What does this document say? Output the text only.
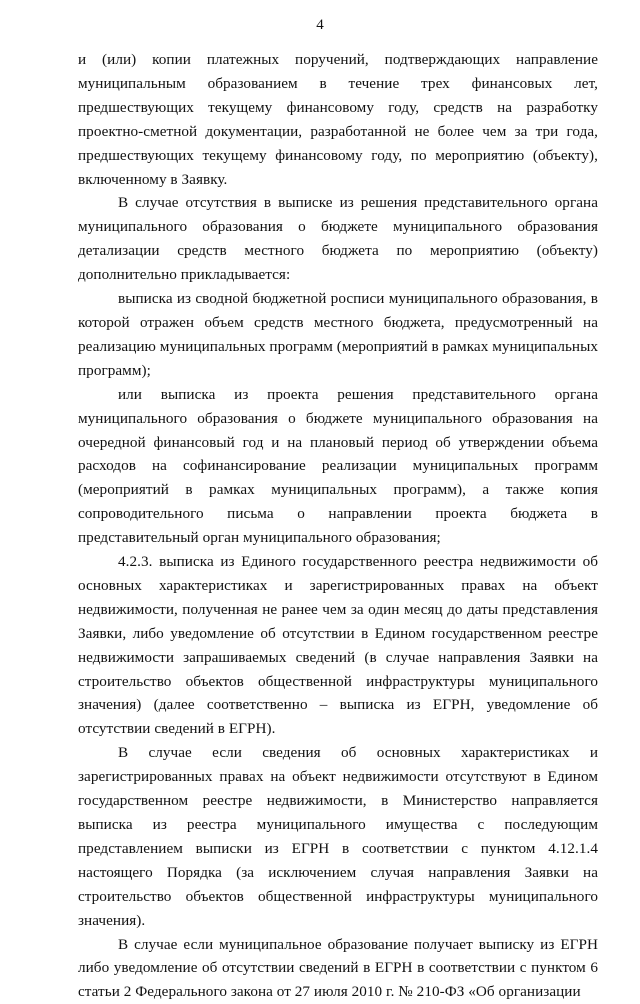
4

и (или) копии платежных поручений, подтверждающих направление муниципальным образованием в течение трех финансовых лет, предшествующих текущему финансовому году, средств на разработку проектно-сметной документации, разработанной не более чем за три года, предшествующих текущему финансовому году, по мероприятию (объекту), включенному в Заявку.

В случае отсутствия в выписке из решения представительного органа муниципального образования о бюджете муниципального образования детализации средств местного бюджета по мероприятию (объекту) дополнительно прикладывается:

выписка из сводной бюджетной росписи муниципального образования, в которой отражен объем средств местного бюджета, предусмотренный на реализацию муниципальных программ (мероприятий в рамках муниципальных программ);

или выписка из проекта решения представительного органа муниципального образования о бюджете муниципального образования на очередной финансовый год и на плановый период об утверждении объема расходов на софинансирование реализации муниципальных программ (мероприятий в рамках муниципальных программ), а также копия сопроводительного письма о направлении проекта бюджета в представительный орган муниципального образования;

4.2.3. выписка из Единого государственного реестра недвижимости об основных характеристиках и зарегистрированных правах на объект недвижимости, полученная не ранее чем за один месяц до даты представления Заявки, либо уведомление об отсутствии в Едином государственном реестре недвижимости запрашиваемых сведений (в случае направления Заявки на строительство объектов общественной инфраструктуры муниципального значения) (далее соответственно – выписка из ЕГРН, уведомление об отсутствии сведений в ЕГРН).

В случае если сведения об основных характеристиках и зарегистрированных правах на объект недвижимости отсутствуют в Едином государственном реестре недвижимости, в Министерство направляется выписка из реестра муниципального имущества с последующим представлением выписки из ЕГРН в соответствии с пунктом 4.12.1.4 настоящего Порядка (за исключением случая направления Заявки на строительство объектов общественной инфраструктуры муниципального значения).

В случае если муниципальное образование получает выписку из ЕГРН либо уведомление об отсутствии сведений в ЕГРН в соответствии с пунктом 6 статьи 2 Федерального закона от 27 июля 2010 г. № 210-ФЗ «Об организации
